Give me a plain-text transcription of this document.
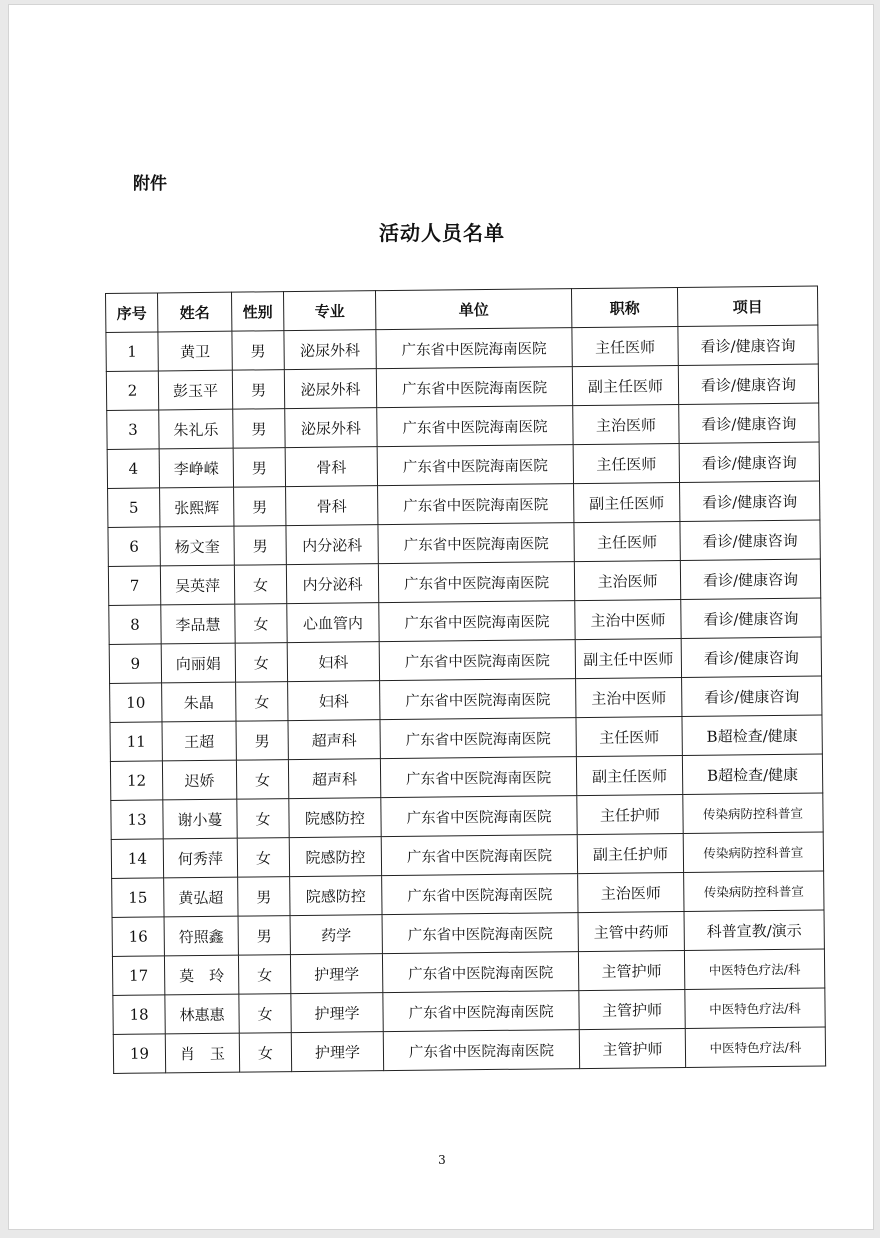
附件
活动人员名单
序号	姓名	性别	专业	单位	职称	项目
1	黄卫	男	泌尿外科	广东省中医院海南医院	主任医师	看诊/健康咨询
2	彭玉平	男	泌尿外科	广东省中医院海南医院	副主任医师	看诊/健康咨询
3	朱礼乐	男	泌尿外科	广东省中医院海南医院	主治医师	看诊/健康咨询
4	李峥嵘	男	骨科	广东省中医院海南医院	主任医师	看诊/健康咨询
5	张熙辉	男	骨科	广东省中医院海南医院	副主任医师	看诊/健康咨询
6	杨文奎	男	内分泌科	广东省中医院海南医院	主任医师	看诊/健康咨询
7	吴英萍	女	内分泌科	广东省中医院海南医院	主治医师	看诊/健康咨询
8	李品慧	女	心血管内	广东省中医院海南医院	主治中医师	看诊/健康咨询
9	向丽娟	女	妇科	广东省中医院海南医院	副主任中医师	看诊/健康咨询
10	朱晶	女	妇科	广东省中医院海南医院	主治中医师	看诊/健康咨询
11	王超	男	超声科	广东省中医院海南医院	主任医师	B超检查/健康
12	迟娇	女	超声科	广东省中医院海南医院	副主任医师	B超检查/健康
13	谢小蔓	女	院感防控	广东省中医院海南医院	主任护师	传染病防控科普宣
14	何秀萍	女	院感防控	广东省中医院海南医院	副主任护师	传染病防控科普宣
15	黄弘超	男	院感防控	广东省中医院海南医院	主治医师	传染病防控科普宣
16	符照鑫	男	药学	广东省中医院海南医院	主管中药师	科普宣教/演示
17	莫　玲	女	护理学	广东省中医院海南医院	主管护师	中医特色疗法/科
18	林惠惠	女	护理学	广东省中医院海南医院	主管护师	中医特色疗法/科
19	肖　玉	女	护理学	广东省中医院海南医院	主管护师	中医特色疗法/科
3
